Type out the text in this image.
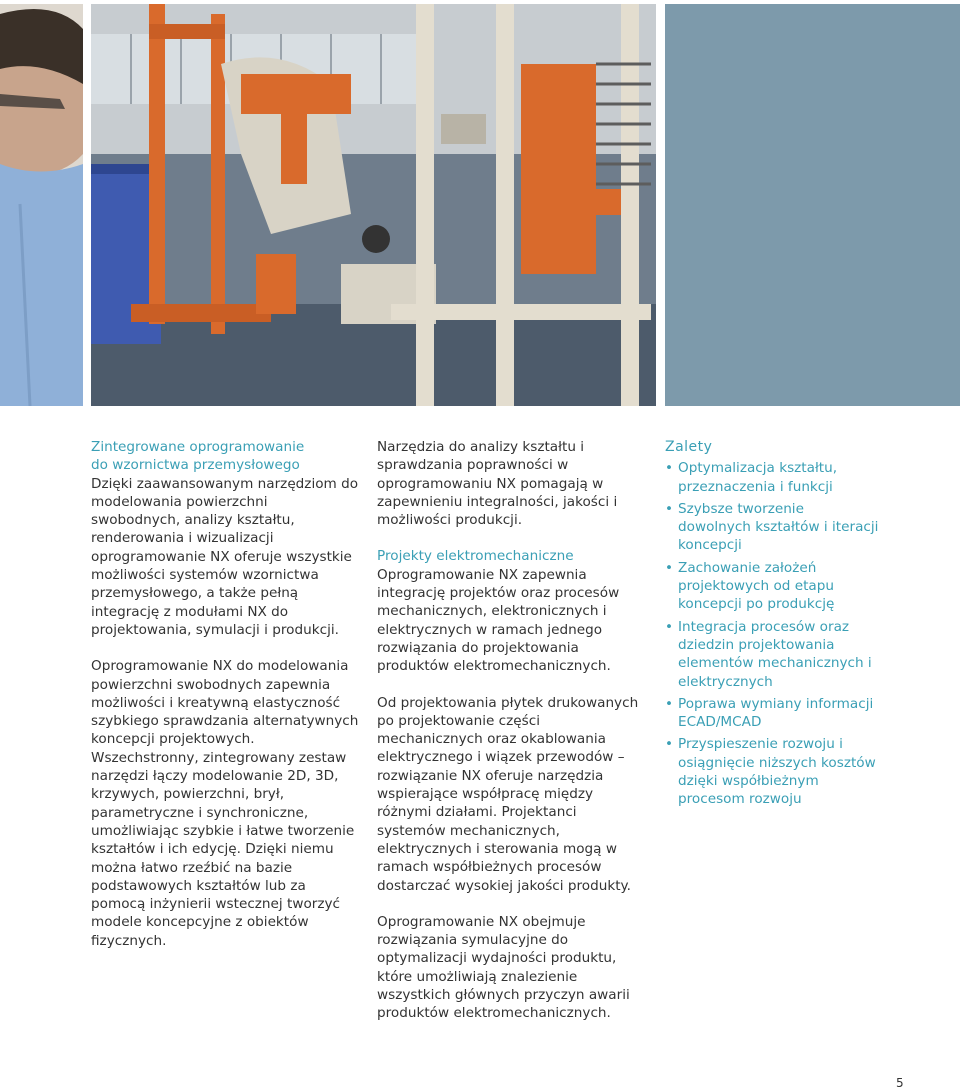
Zintegrowane oprogramowanie
do wzornictwa przemysłowego
Dzięki zaawansowanym narzędziom do modelowania powierzchni swobodnych, analizy kształtu, renderowania i wizualizacji oprogramowanie NX oferuje wszystkie możliwości systemów wzornictwa przemysłowego, a także pełną integrację z modułami NX do projektowania, symulacji i produkcji.

Oprogramowanie NX do modelowania powierzchni swobodnych zapewnia możliwości i kreatywną elastyczność szybkiego sprawdzania alternatywnych koncepcji projektowych. Wszechstronny, zintegrowany zestaw narzędzi łączy modelowanie 2D, 3D, krzywych, powierzchni, brył, parametryczne i synchroniczne, umożliwiając szybkie i łatwe tworzenie kształtów i ich edycję. Dzięki niemu można łatwo rzeźbić na bazie podstawowych kształtów lub za pomocą inżynierii wstecznej tworzyć modele koncepcyjne z obiektów fizycznych.

Narzędzia do analizy kształtu i sprawdzania poprawności w oprogramowaniu NX pomagają w zapewnieniu integralności, jakości i możliwości produkcji.

Projekty elektromechaniczne
Oprogramowanie NX zapewnia integrację projektów oraz procesów mechanicznych, elektronicznych i elektrycznych w ramach jednego rozwiązania do projektowania produktów elektromechanicznych.

Od projektowania płytek drukowanych po projektowanie części mechanicznych oraz okablowania elektrycznego i wiązek przewodów – rozwiązanie NX oferuje narzędzia wspierające współpracę między różnymi działami. Projektanci systemów mechanicznych, elektrycznych i sterowania mogą w ramach współbieżnych procesów dostarczać wysokiej jakości produkty.

Oprogramowanie NX obejmuje rozwiązania symulacyjne do optymalizacji wydajności produktu, które umożliwiają znalezienie wszystkich głównych przyczyn awarii produktów elektromechanicznych.

Zalety
• Optymalizacja kształtu, przeznaczenia i funkcji
• Szybsze tworzenie dowolnych kształtów i iteracji koncepcji
• Zachowanie założeń projektowych od etapu koncepcji po produkcję
• Integracja procesów oraz dziedzin projektowania elementów mechanicznych i elektrycznych
• Poprawa wymiany informacji ECAD/MCAD
• Przyspieszenie rozwoju i osiągnięcie niższych kosztów dzięki współbieżnym procesom rozwoju
5
